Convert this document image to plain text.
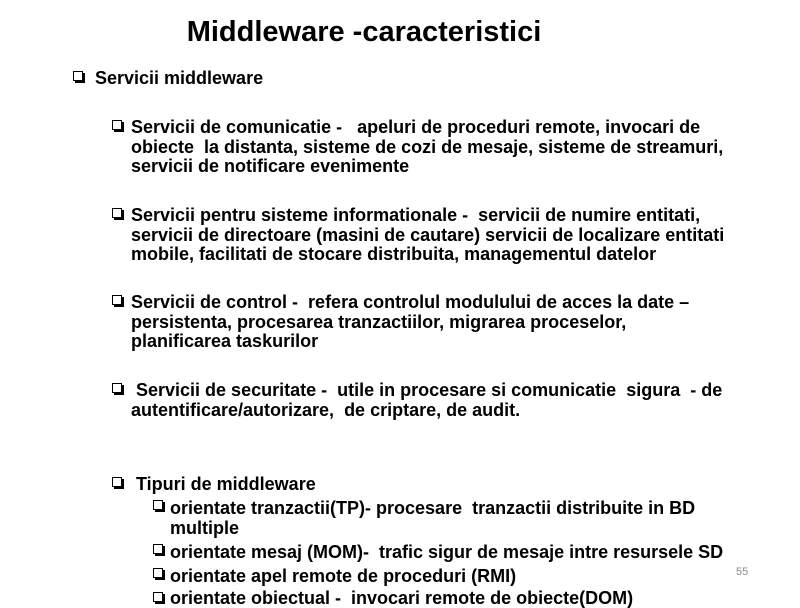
Middleware -caracteristici
Servicii middleware
Servicii de comunicatie -   apeluri de proceduri remote, invocari de
obiecte  la distanta, sisteme de cozi de mesaje, sisteme de streamuri,
servicii de notificare evenimente
Servicii pentru sisteme informationale -  servicii de numire entitati,
servicii de directoare (masini de cautare) servicii de localizare entitati
mobile, facilitati de stocare distribuita, managementul datelor
Servicii de control -  refera controlul modulului de acces la date –
persistenta, procesarea tranzactiilor, migrarea proceselor,
planificarea taskurilor
Servicii de securitate -  utile in procesare si comunicatie  sigura  - de
autentificare/autorizare,  de criptare, de audit.
Tipuri de middleware
orientate tranzactii(TP)- procesare  tranzactii distribuite in BD
multiple
orientate mesaj (MOM)-  trafic sigur de mesaje intre resursele SD
orientate apel remote de proceduri (RMI)
orientate obiectual -  invocari remote de obiecte(DOM)
55
